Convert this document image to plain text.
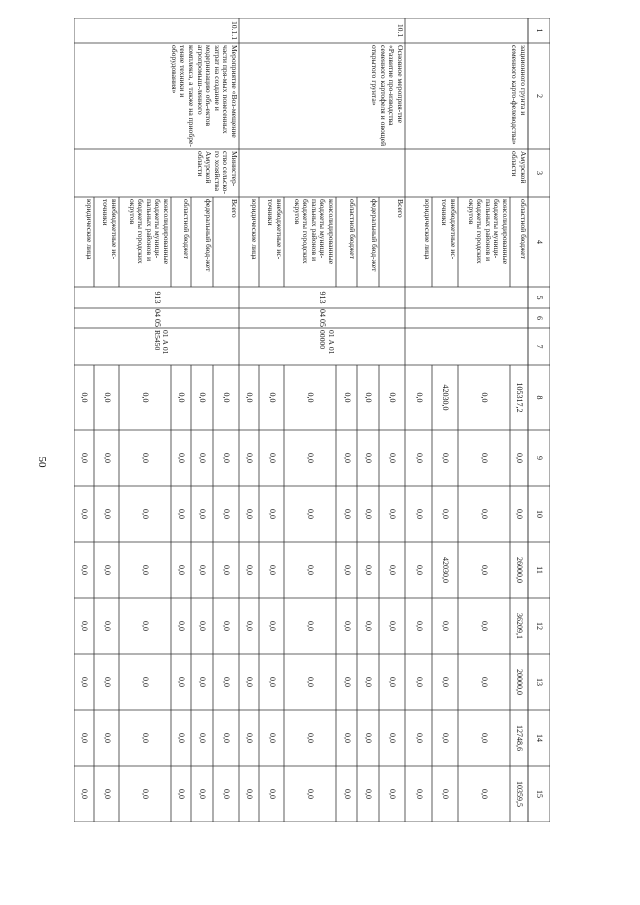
50
1
2
3
4
5
6
7
8
9
10
11
12
13
14
15
зациионного грунта и семенного карто-фелеводства»
Амурской области
областной бюджет
105317,2
0,0
0,0
26000,0
36209,1
20000,0
12748,6
10359,5
консолидированные бюджеты муници-пальных районов и бюджеты городских округов
0,0
0,0
0,0
0,0
0,0
0,0
0,0
0,0
внебюджетные ис-точники
42030,0
0,0
0,0
42030,0
0,0
0,0
0,0
0,0
юридические лица
0,0
0,0
0,0
0,0
0,0
0,0
0,0
0,0
10.1
Основное мероприя-тие «Развитие про-изводства семенного картофеля и овощей открытого грунта»
913
04 05
01 А 01
00000
Всего
0,0
0,0
0,0
0,0
0,0
0,0
0,0
0,0
федеральный бюд-жет
0,0
0,0
0,0
0,0
0,0
0,0
0,0
0,0
областной бюджет
0,0
0,0
0,0
0,0
0,0
0,0
0,0
0,0
консолидированные бюджеты муници-пальных районов и бюджеты городских округов
0,0
0,0
0,0
0,0
0,0
0,0
0,0
0,0
внебюджетные ис-точники
0,0
0,0
0,0
0,0
0,0
0,0
0,0
0,0
юридические лица
0,0
0,0
0,0
0,0
0,0
0,0
0,0
0,0
10.1.1
Мероприятие «Воз-мещение части пря-мых понесенных затрат на создание и модернизацию объ-ектов агропромыш-ленного комплекса, а также на приобре-тение техники и оборудования»
Министер-ство сельско-го хозяйства Амурской области
913
04 05
01 А 01
R5450
Всего
0,0
0,0
0,0
0,0
0,0
0,0
0,0
0,0
федеральный бюд-жет
0,0
0,0
0,0
0,0
0,0
0,0
0,0
0,0
областной бюджет
0,0
0,0
0,0
0,0
0,0
0,0
0,0
0,0
консолидированные бюджеты муници-пальных районов и бюджеты городских округов
0,0
0,0
0,0
0,0
0,0
0,0
0,0
0,0
внебюджетные ис-точники
0,0
0,0
0,0
0,0
0,0
0,0
0,0
0,0
юридические лица
0,0
0,0
0,0
0,0
0,0
0,0
0,0
0,0
